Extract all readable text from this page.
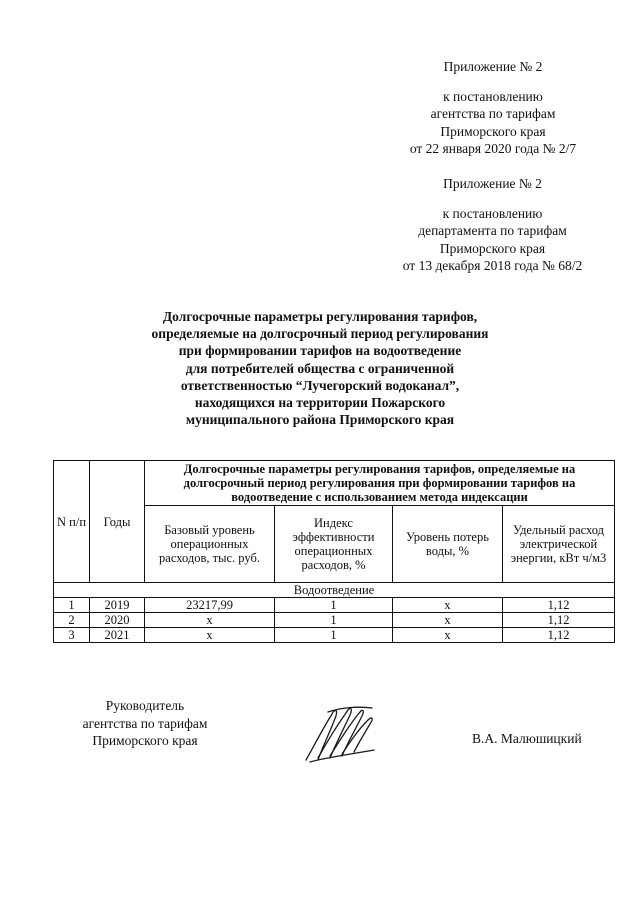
Приложение № 2
к постановлению
агентства по тарифам
Приморского края
от 22 января 2020 года № 2/7
Приложение № 2
к постановлению
департамента по тарифам
Приморского края
от 13 декабря 2018 года № 68/2
Долгосрочные параметры регулирования тарифов,
определяемые на долгосрочный период регулирования
при формировании тарифов на водоотведение
для потребителей общества с ограниченной
ответственностью “Лучегорский водоканал”,
находящихся на территории Пожарского
муниципального района Приморского края
N п/п	Годы	Долгосрочные параметры регулирования тарифов, определяемые на долгосрочный период регулирования при формировании тарифов на водоотведение с использованием метода индексации			
		Базовый уровень операционных расходов, тыс. руб.	Индекс эффективности операционных расходов, %	Уровень потерь воды, %	Удельный расход электрической энергии, кВт ч/м3
Водоотведение					
1	2019	23217,99	1	x	1,12
2	2020	x	1	x	1,12
3	2021	x	1	x	1,12
Руководитель
агентства по тарифам
Приморского края	В.А. Малюшицкий
